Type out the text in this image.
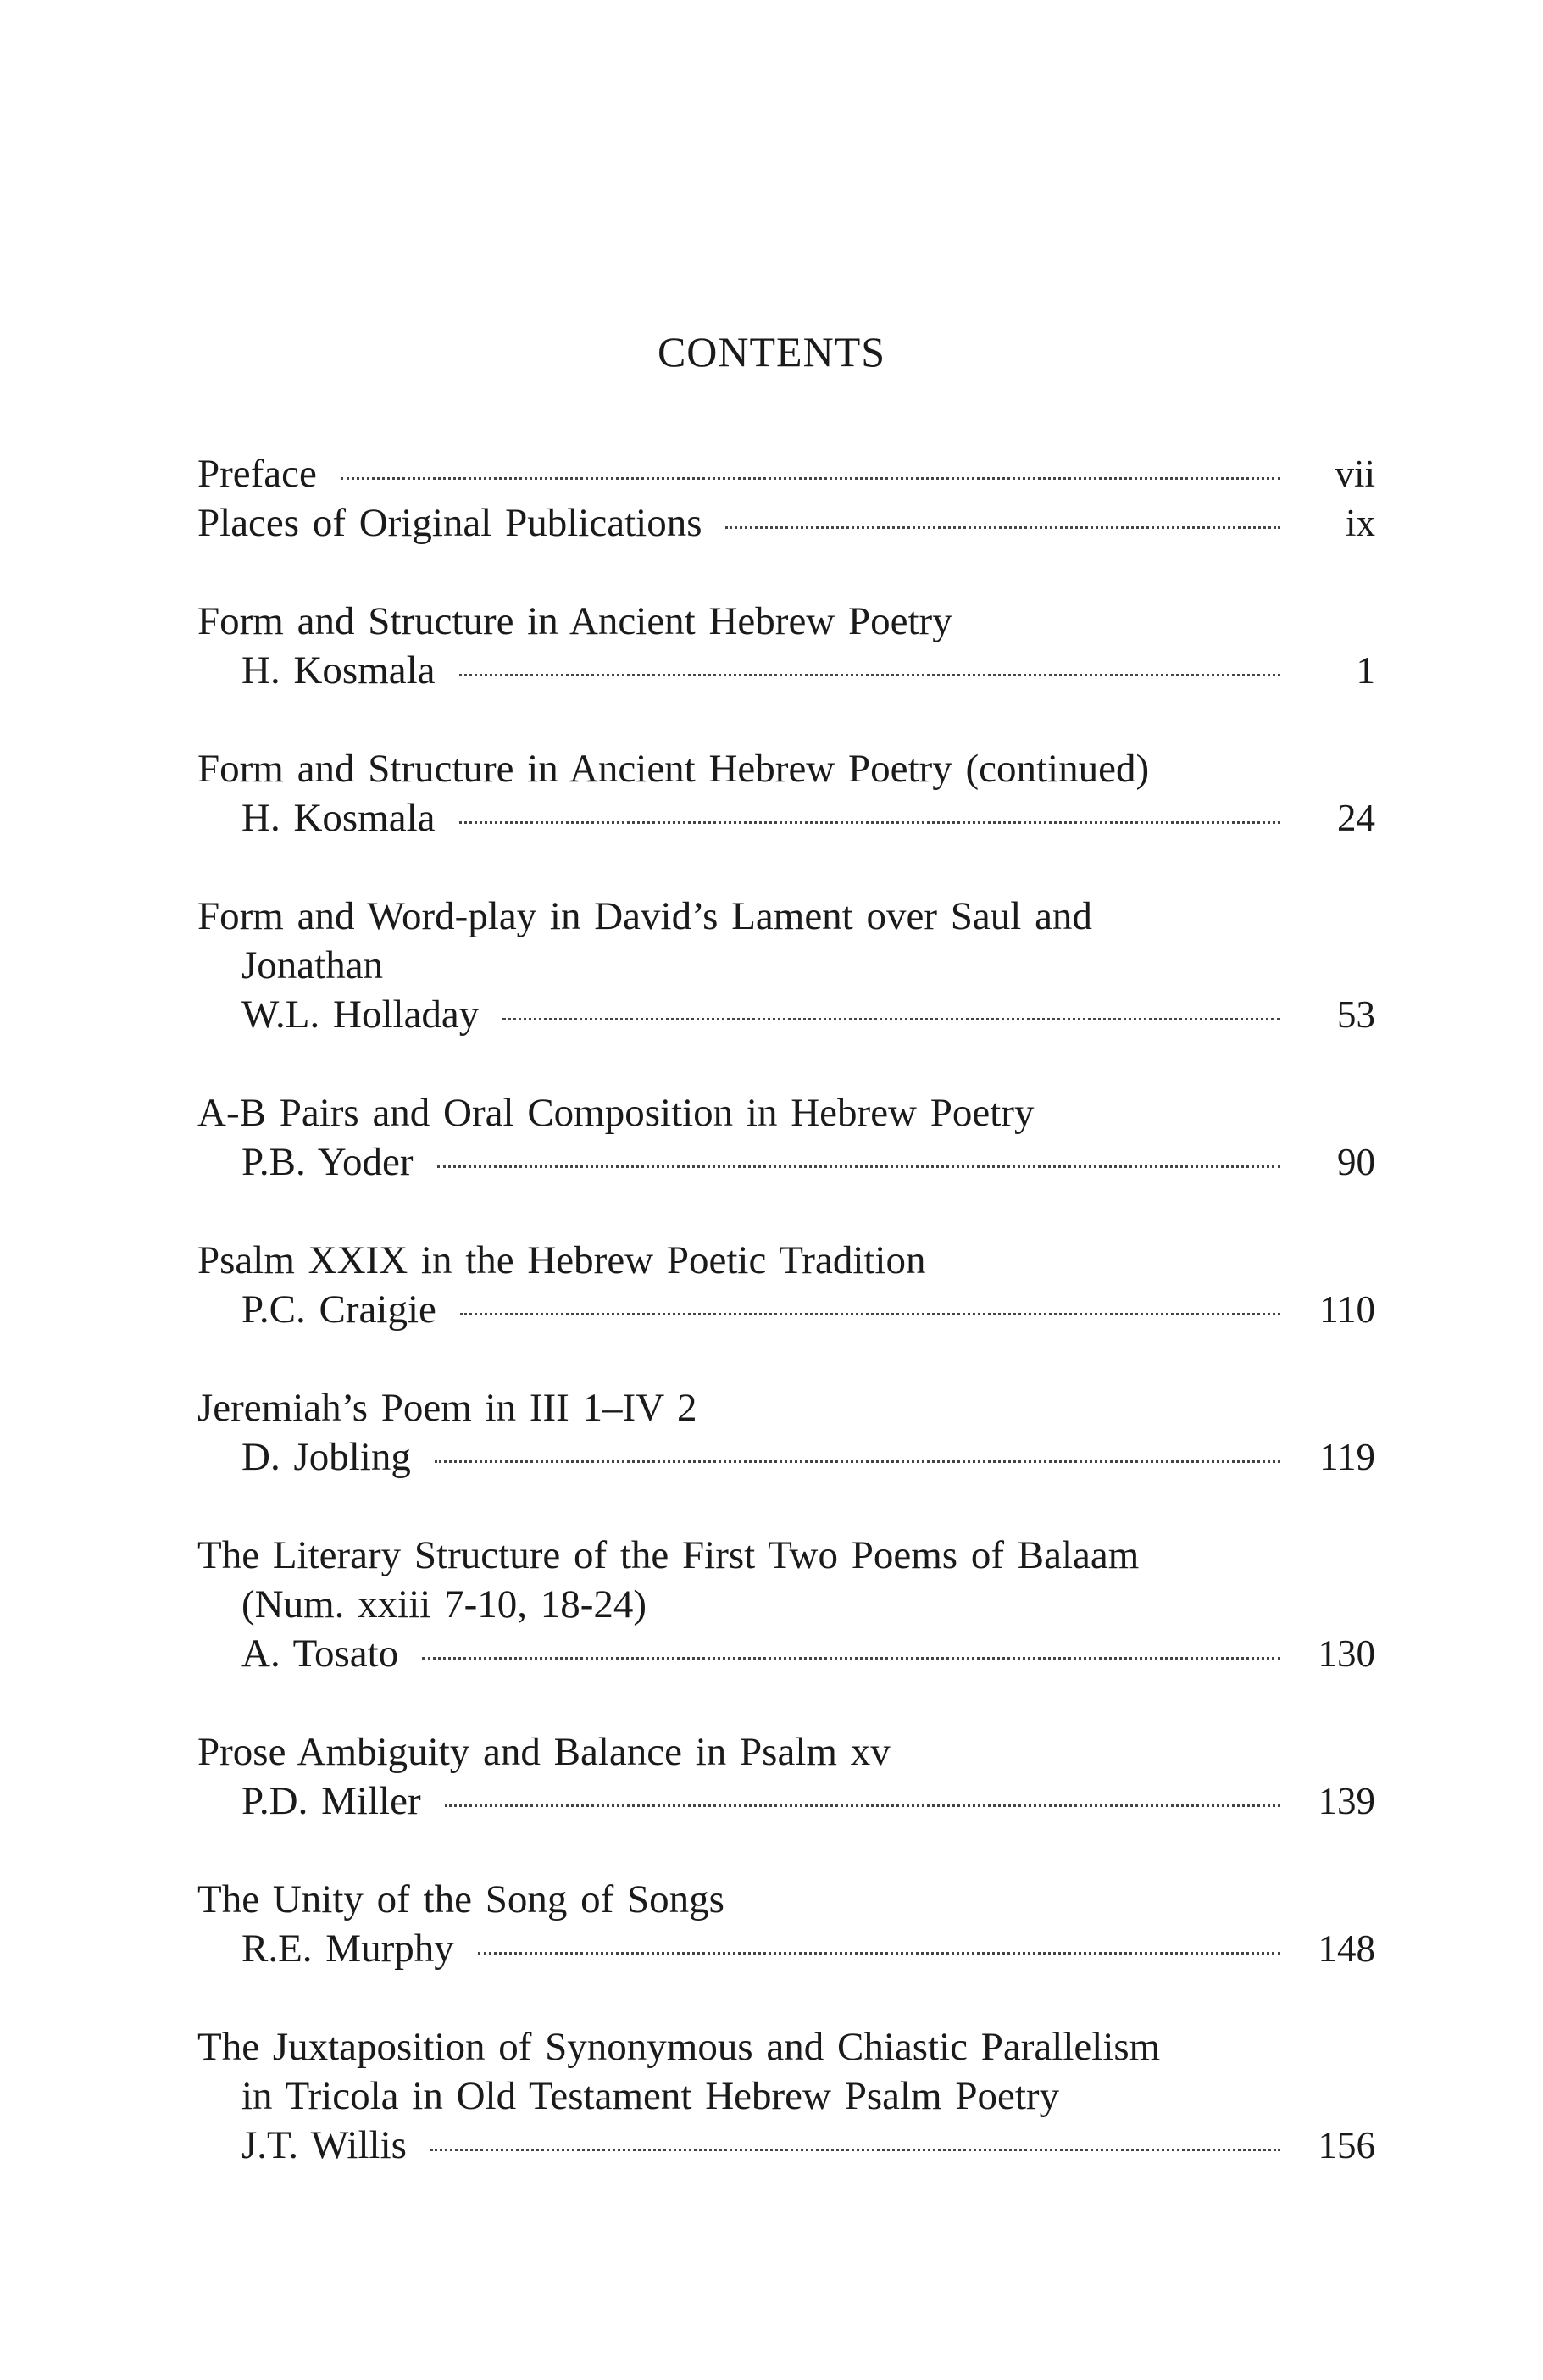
CONTENTS
Preface	vii
Places of Original Publications	ix
Form and Structure in Ancient Hebrew Poetry
H. Kosmala	1
Form and Structure in Ancient Hebrew Poetry (continued)
H. Kosmala	24
Form and Word-play in David’s Lament over Saul and
Jonathan
W.L. Holladay	53
A-B Pairs and Oral Composition in Hebrew Poetry
P.B. Yoder	90
Psalm XXIX in the Hebrew Poetic Tradition
P.C. Craigie	110
Jeremiah’s Poem in III 1–IV 2
D. Jobling	119
The Literary Structure of the First Two Poems of Balaam
(Num. xxiii 7-10, 18-24)
A. Tosato	130
Prose Ambiguity and Balance in Psalm xv
P.D. Miller	139
The Unity of the Song of Songs
R.E. Murphy	148
The Juxtaposition of Synonymous and Chiastic Parallelism
in Tricola in Old Testament Hebrew Psalm Poetry
J.T. Willis	156
